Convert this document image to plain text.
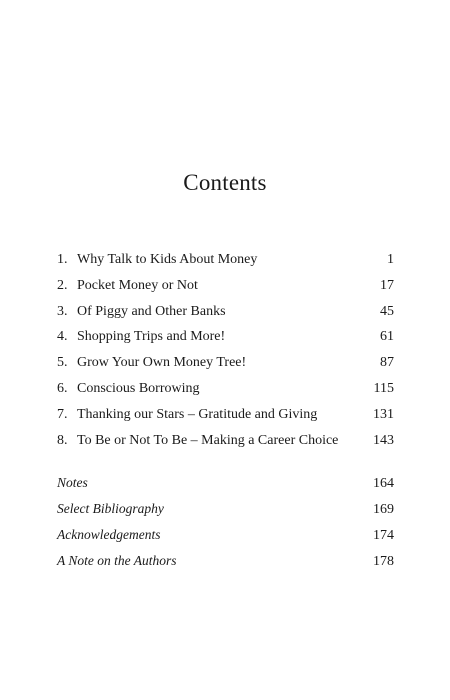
Contents
1. Why Talk to Kids About Money	1
2. Pocket Money or Not	17
3. Of Piggy and Other Banks	45
4. Shopping Trips and More!	61
5. Grow Your Own Money Tree!	87
6. Conscious Borrowing	115
7. Thanking our Stars – Gratitude and Giving	131
8. To Be or Not To Be – Making a Career Choice	143
Notes	164
Select Bibliography	169
Acknowledgements	174
A Note on the Authors	178
